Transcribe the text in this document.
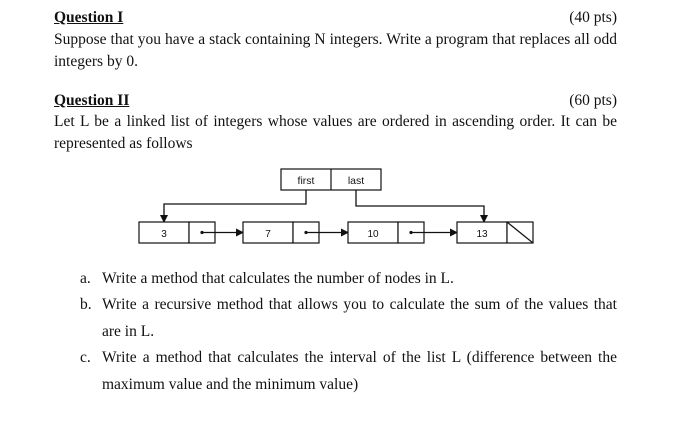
Question I	(40 pts)
Suppose that you have a stack containing N integers. Write a program that replaces all odd integers by 0.
Question II	(60 pts)
Let L be a linked list of integers whose values are ordered in ascending order. It can be represented as follows
first	last
3	7	10	13
a. Write a method that calculates the number of nodes in L.
b. Write a recursive method that allows you to calculate the sum of the values that are in L.
c. Write a method that calculates the interval of the list L (difference between the maximum value and the minimum value)
